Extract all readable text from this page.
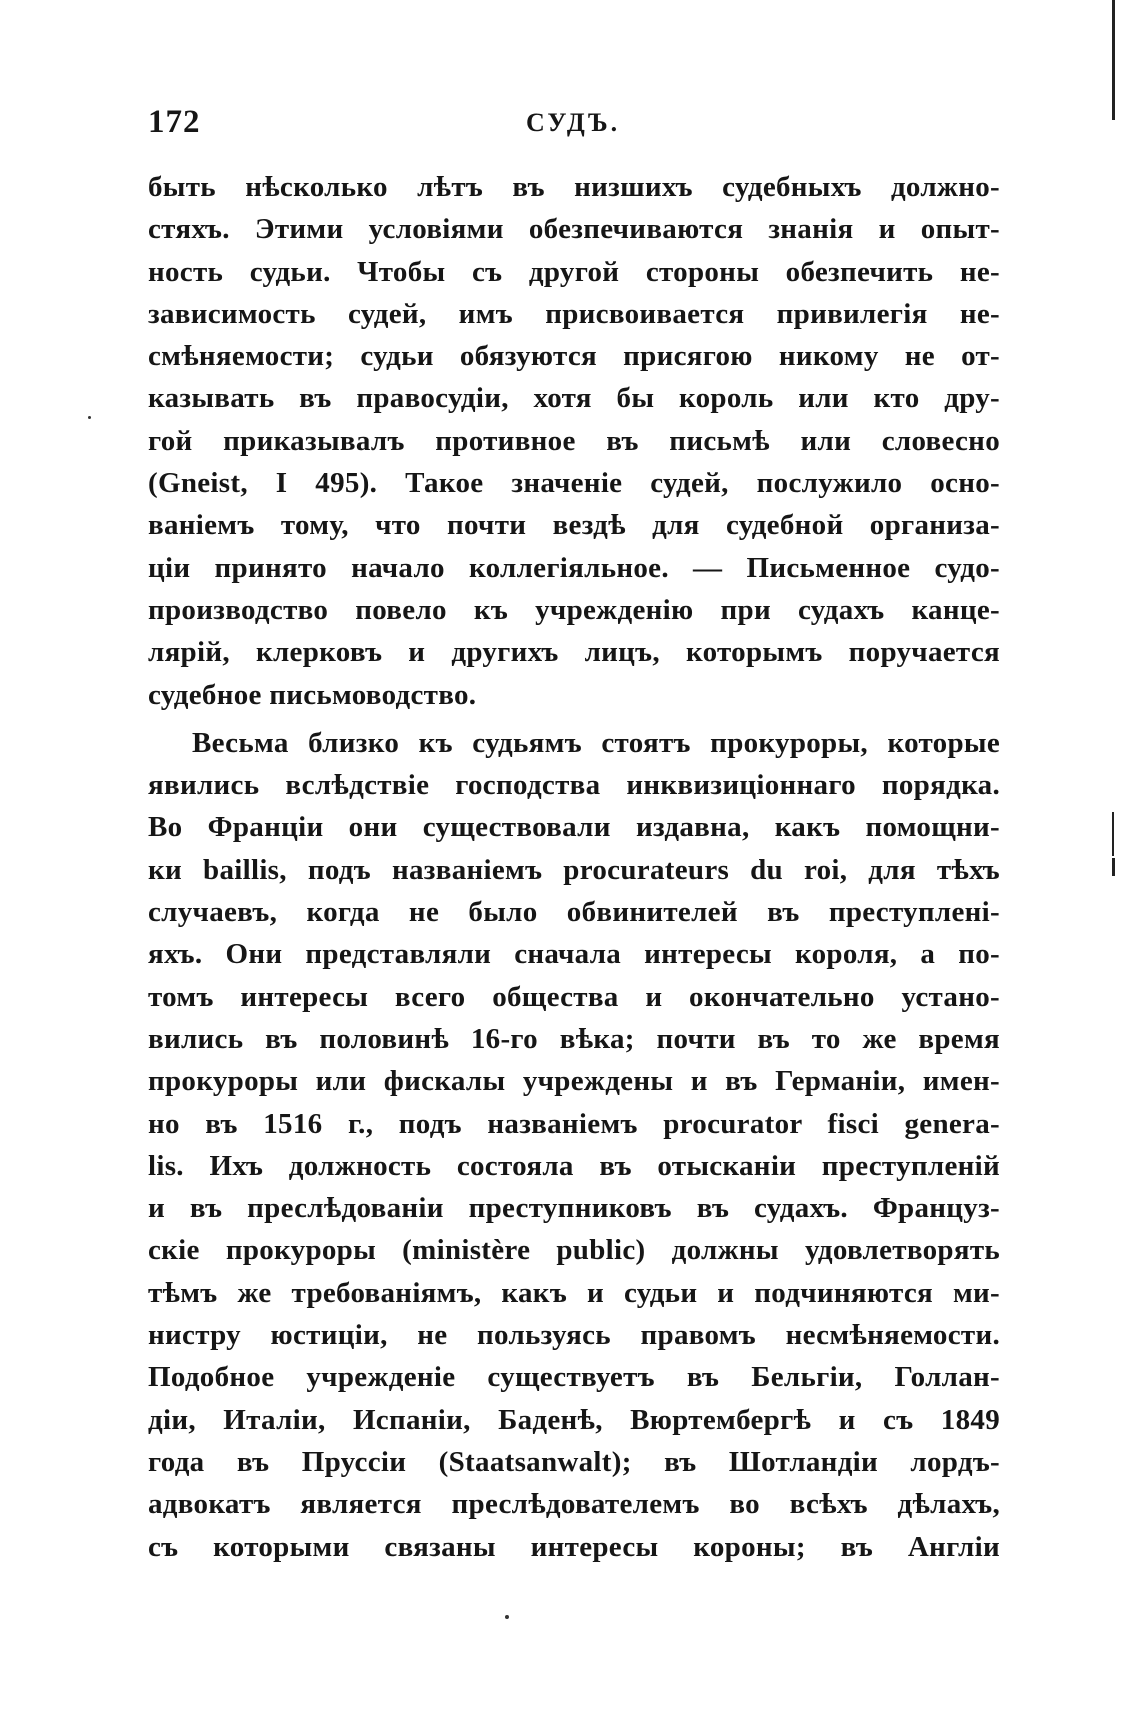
172	СУДЪ.
быть нѣсколько лѣтъ въ низшихъ судебныхъ должно-
стяхъ. Этими условіями обезпечиваются знанія и опыт-
ность судьи. Чтобы съ другой стороны обезпечить не-
зависимость судей, имъ присвоивается привилегія не-
смѣняемости; судьи обязуются присягою никому не от-
казывать въ правосудіи, хотя бы король или кто дру-
гой приказывалъ противное въ письмѣ или словесно
(Gneist, I 495). Такое значеніе судей, послужило осно-
ваніемъ тому, что почти вездѣ для судебной организа-
ціи принято начало коллегіяльное. — Письменное судо-
производство повело къ учрежденію при судахъ канце-
лярій, клерковъ и другихъ лицъ, которымъ поручается
судебное письмоводство.
Весьма близко къ судьямъ стоятъ прокуроры, которые
явились вслѣдствіе господства инквизиціоннаго порядка.
Во Франціи они существовали издавна, какъ помощни-
ки baillis, подъ названіемъ procurateurs du roi, для тѣхъ
случаевъ, когда не было обвинителей въ преступлені-
яхъ. Они представляли сначала интересы короля, а по-
томъ интересы всего общества и окончательно устано-
вились въ половинѣ 16-го вѣка; почти въ то же время
прокуроры или фискалы учреждены и въ Германіи, имен-
но въ 1516 г., подъ названіемъ procurator fisci genera-
lis. Ихъ должность состояла въ отысканіи преступленій
и въ преслѣдованіи преступниковъ въ судахъ. Француз-
скіе прокуроры (ministère public) должны удовлетворять
тѣмъ же требованіямъ, какъ и судьи и подчиняются ми-
нистру юстиціи, не пользуясь правомъ несмѣняемости.
Подобное учрежденіе существуетъ въ Бельгіи, Голлан-
діи, Италіи, Испаніи, Баденѣ, Вюртембергѣ и съ 1849
года въ Пруссіи (Staatsanwalt); въ Шотландіи лордъ-
адвокатъ является преслѣдователемъ во всѣхъ дѣлахъ,
съ которыми связаны интересы короны; въ Англіи
